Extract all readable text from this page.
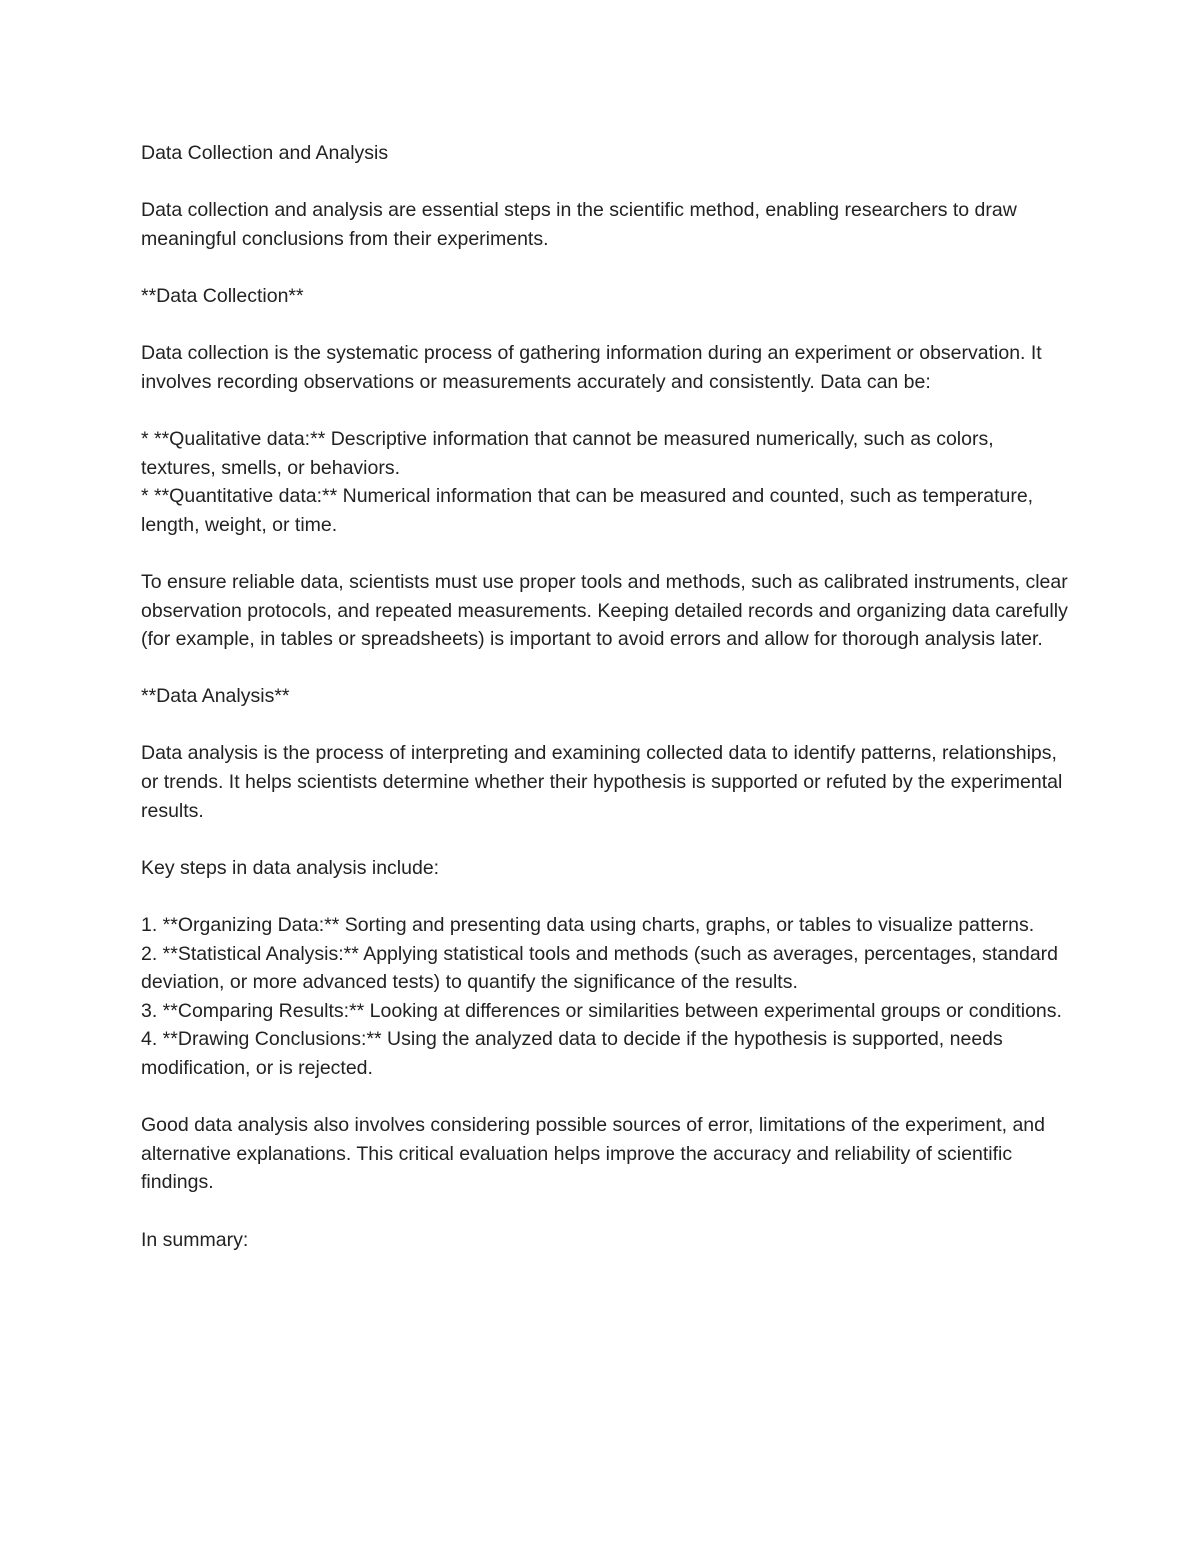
Data Collection and Analysis

Data collection and analysis are essential steps in the scientific method, enabling researchers to draw meaningful conclusions from their experiments.

**Data Collection**

Data collection is the systematic process of gathering information during an experiment or observation. It involves recording observations or measurements accurately and consistently. Data can be:

* **Qualitative data:** Descriptive information that cannot be measured numerically, such as colors, textures, smells, or behaviors.
* **Quantitative data:** Numerical information that can be measured and counted, such as temperature, length, weight, or time.

To ensure reliable data, scientists must use proper tools and methods, such as calibrated instruments, clear observation protocols, and repeated measurements. Keeping detailed records and organizing data carefully (for example, in tables or spreadsheets) is important to avoid errors and allow for thorough analysis later.

**Data Analysis**

Data analysis is the process of interpreting and examining collected data to identify patterns, relationships, or trends. It helps scientists determine whether their hypothesis is supported or refuted by the experimental results.

Key steps in data analysis include:

1. **Organizing Data:** Sorting and presenting data using charts, graphs, or tables to visualize patterns.
2. **Statistical Analysis:** Applying statistical tools and methods (such as averages, percentages, standard deviation, or more advanced tests) to quantify the significance of the results.
3. **Comparing Results:** Looking at differences or similarities between experimental groups or conditions.
4. **Drawing Conclusions:** Using the analyzed data to decide if the hypothesis is supported, needs modification, or is rejected.

Good data analysis also involves considering possible sources of error, limitations of the experiment, and alternative explanations. This critical evaluation helps improve the accuracy and reliability of scientific findings.

In summary:
